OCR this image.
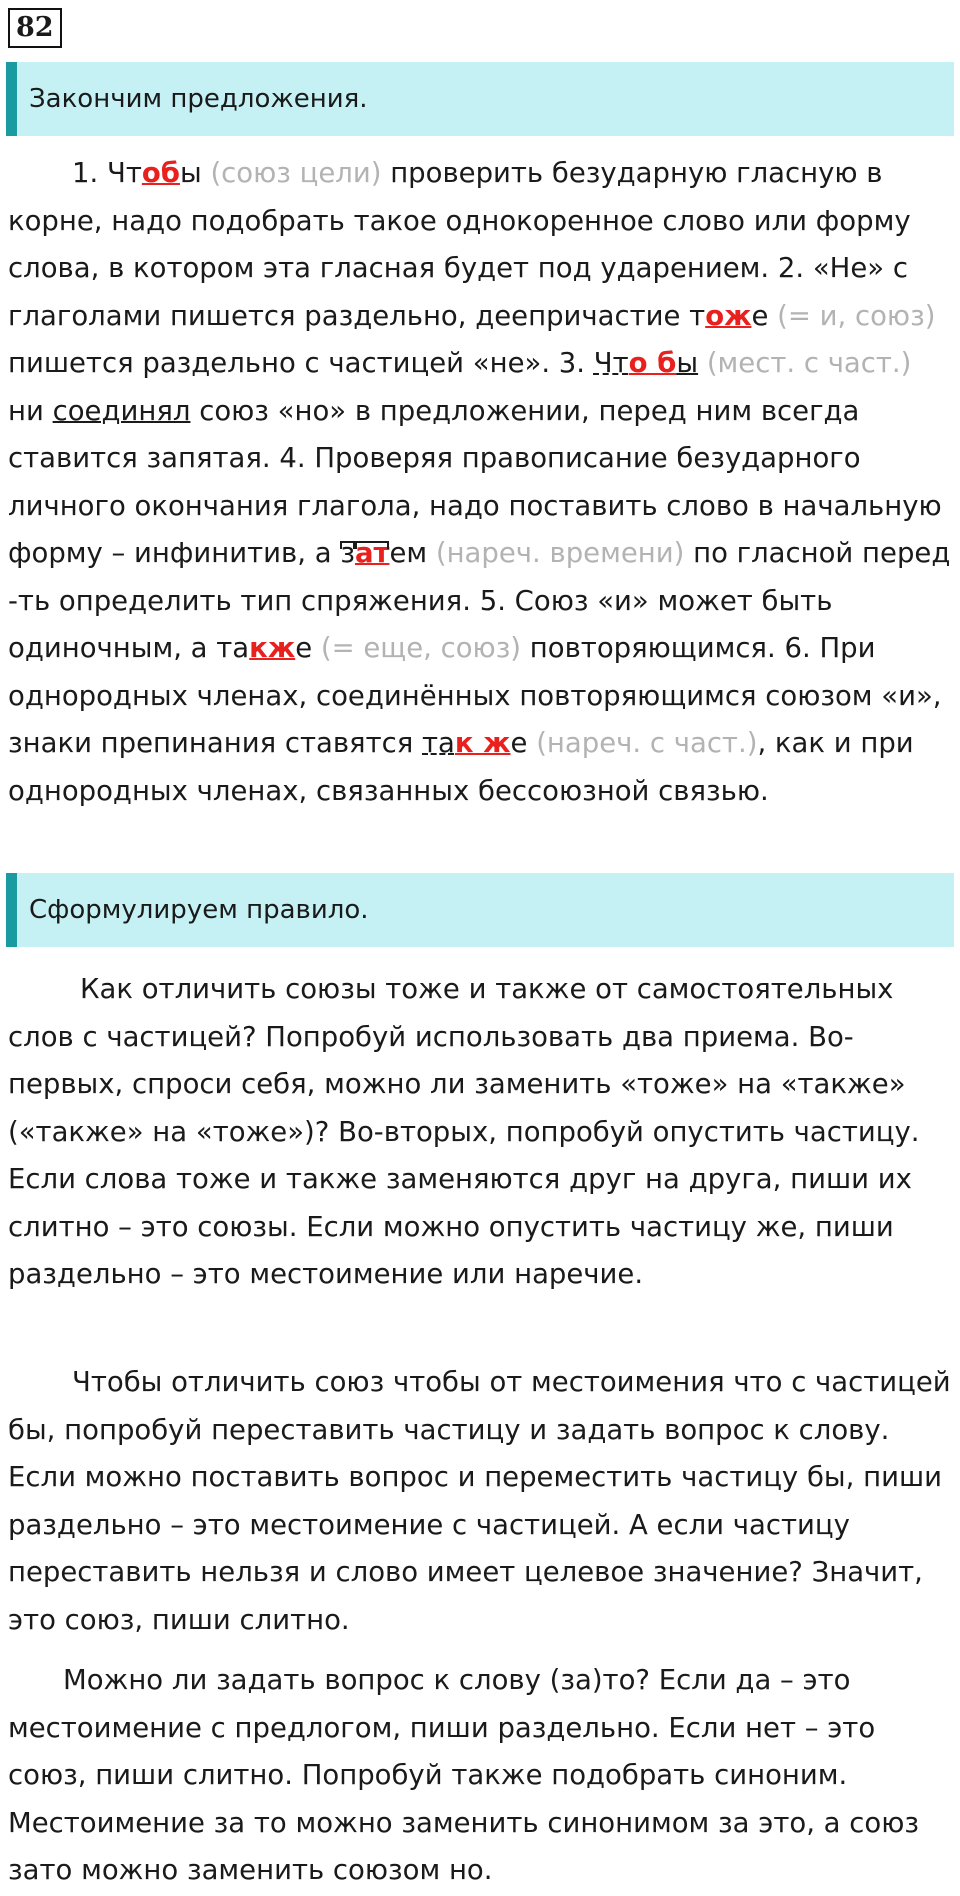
82
Закончим предложения.

1. Чтобы (союз цели) проверить безударную гласную в корне, надо подобрать такое однокоренное слово или форму слова, в котором эта гласная будет под ударением. 2. «Не» с глаголами пишется раздельно, деепричастие тоже (= и, союз) пишется раздельно с частицей «не». 3. Что бы (мест. с част.) ни соединял союз «но» в предложении, перед ним всегда ставится запятая. 4. Проверяя правописание безударного личного окончания глагола, надо поставить слово в начальную форму – инфинитив, а затем (нареч. времени) по гласной перед -ть определить тип спряжения. 5. Союз «и» может быть одиночным, а также (= еще, союз) повторяющимся. 6. При однородных членах, соединённых повторяющимся союзом «и», знаки препинания ставятся так же (нареч. с част.), как и при однородных членах, связанных бессоюзной связью.

Сформулируем правило.

Как отличить союзы тоже и также от самостоятельных слов с частицей? Попробуй использовать два приема. Во-первых, спроси себя, можно ли заменить «тоже» на «также» («также» на «тоже»)? Во-вторых, попробуй опустить частицу. Если слова тоже и также заменяются друг на друга, пиши их слитно – это союзы. Если можно опустить частицу же, пиши раздельно – это местоимение или наречие.

Чтобы отличить союз чтобы от местоимения что с частицей бы, попробуй переставить частицу и задать вопрос к слову. Если можно поставить вопрос и переместить частицу бы, пиши раздельно – это местоимение с частицей. А если частицу переставить нельзя и слово имеет целевое значение? Значит, это союз, пиши слитно.

Можно ли задать вопрос к слову (за)то? Если да – это местоимение с предлогом, пиши раздельно. Если нет – это союз, пиши слитно. Попробуй также подобрать синоним. Местоимение за то можно заменить синонимом за это, а союз зато можно заменить союзом но.
